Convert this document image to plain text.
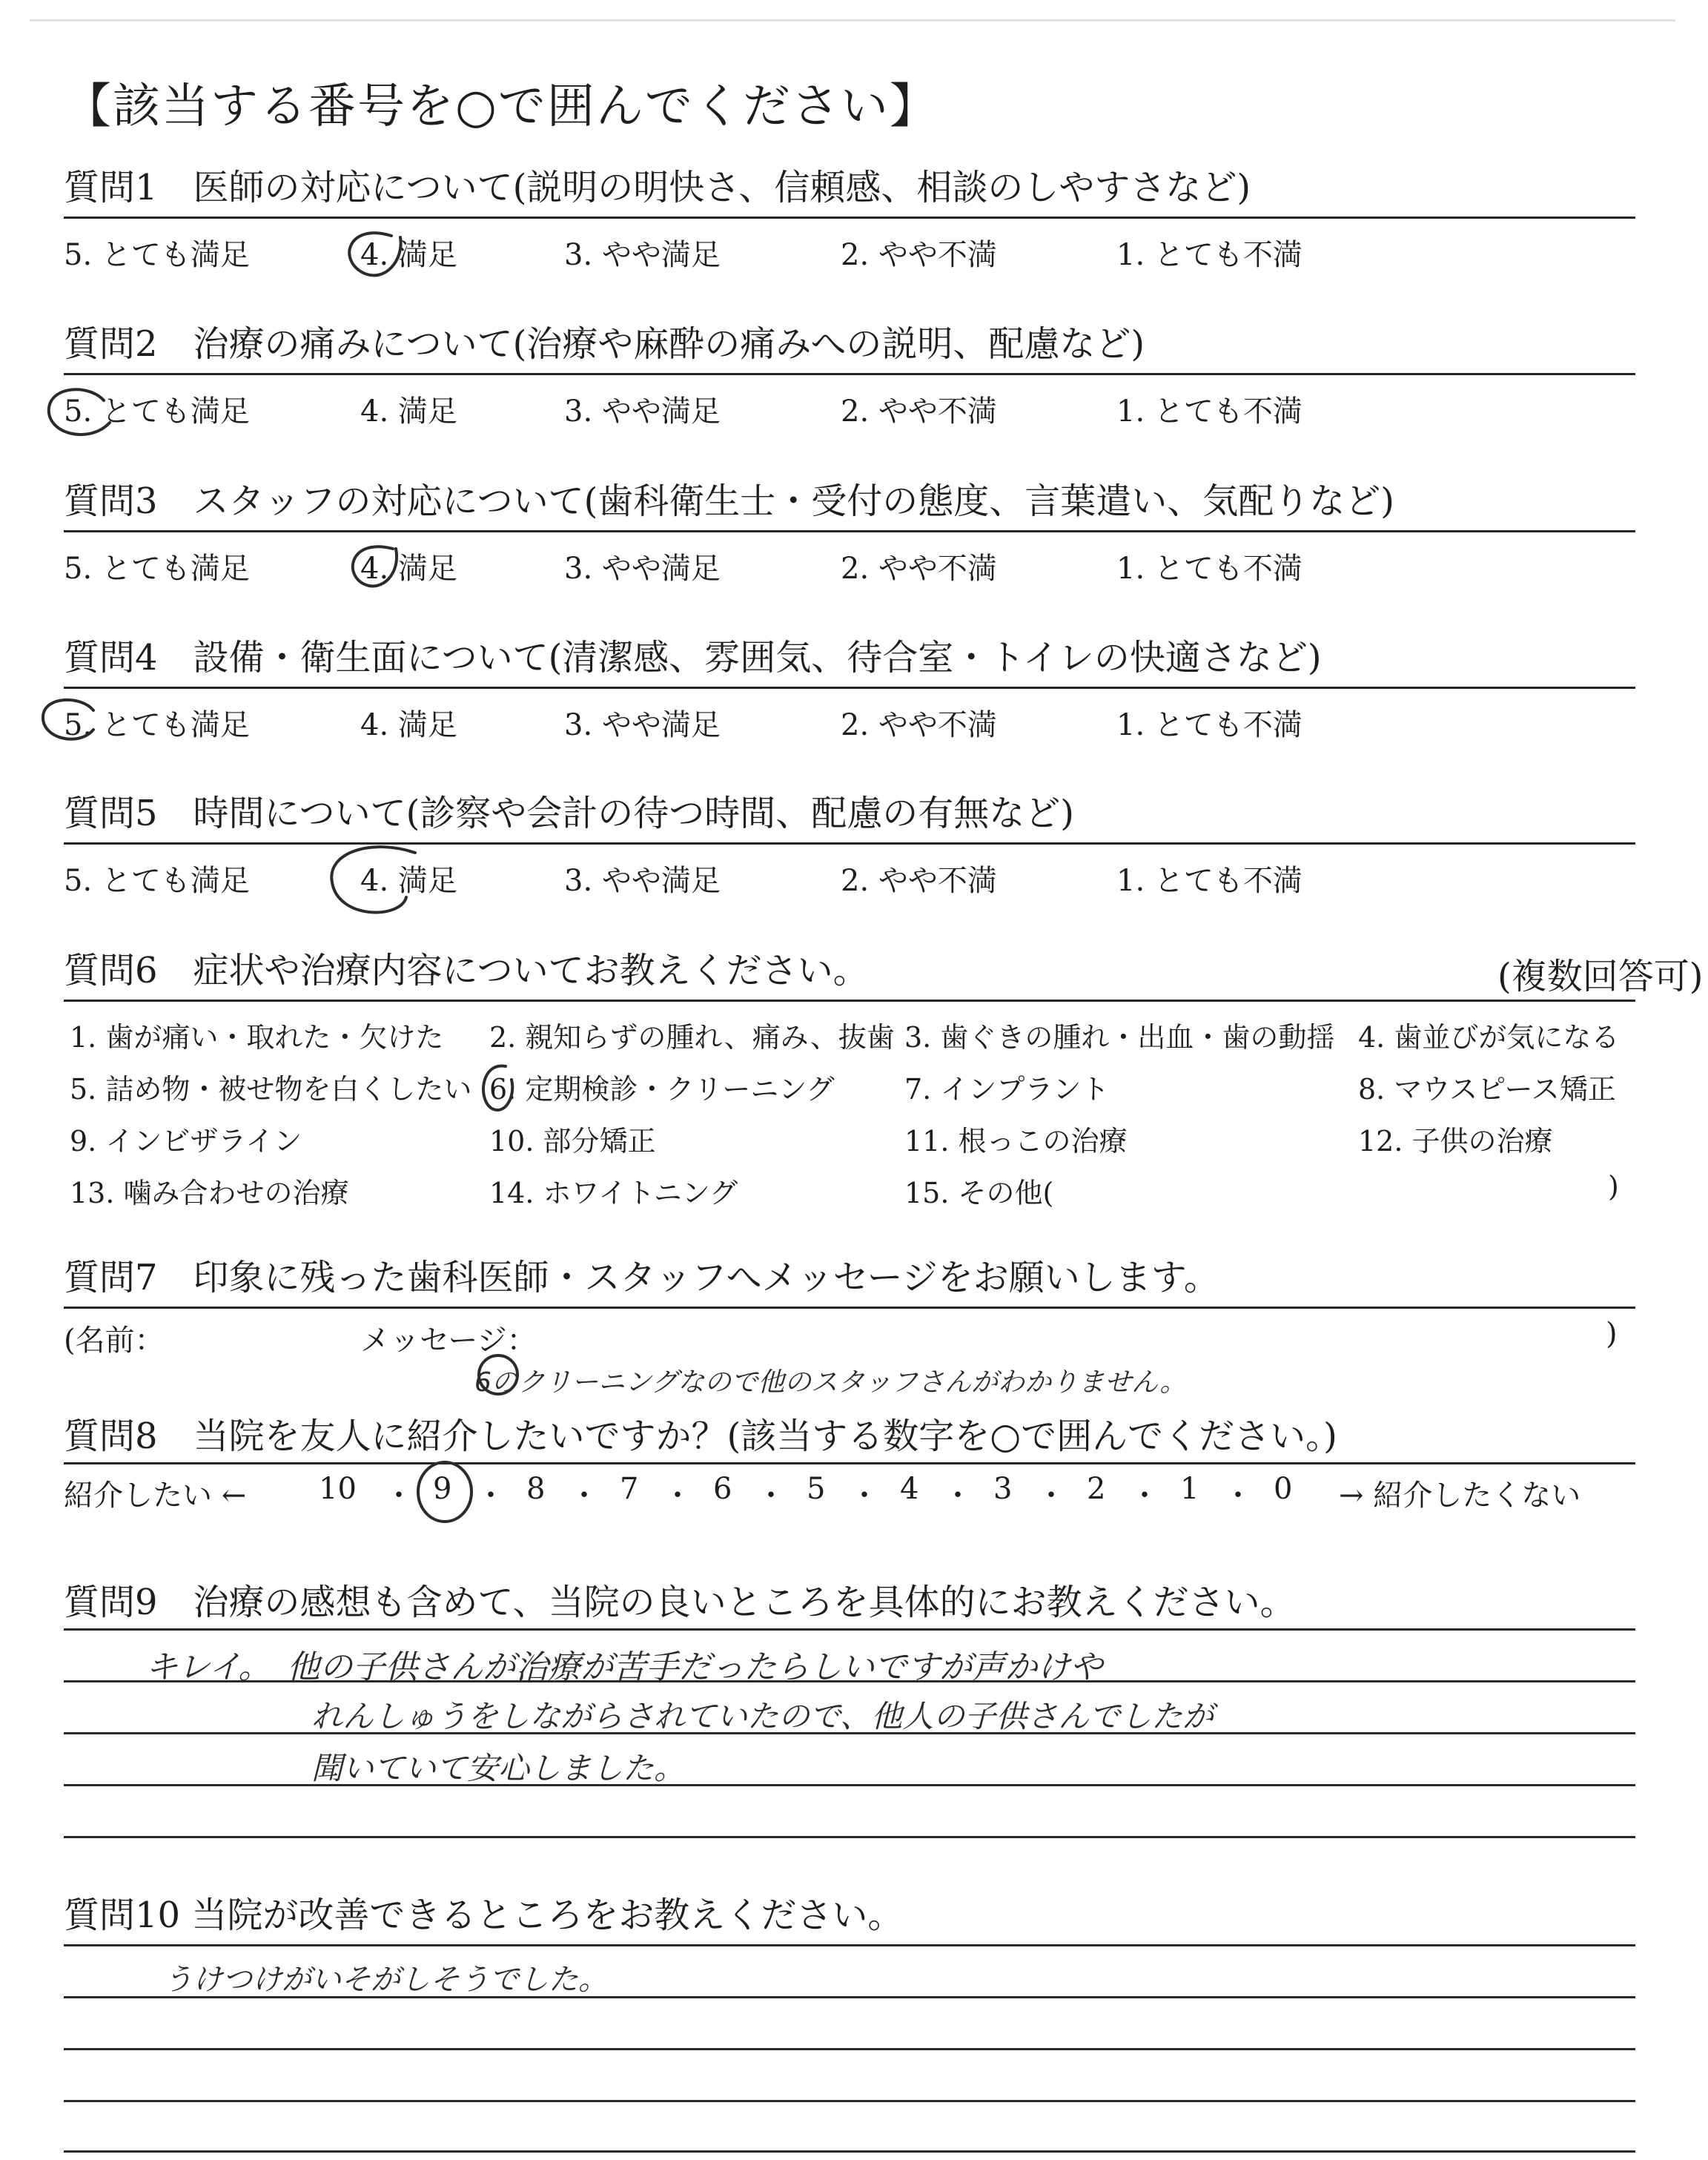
【該当する番号を○で囲んでください】
質問1　医師の対応について(説明の明快さ、信頼感、相談のしやすさなど)
5. とても満足	4. 満足	3. やや満足	2. やや不満	1. とても不満
質問2　治療の痛みについて(治療や麻酔の痛みへの説明、配慮など)
5. とても満足	4. 満足	3. やや満足	2. やや不満	1. とても不満
質問3　スタッフの対応について(歯科衛生士・受付の態度、言葉遣い、気配りなど)
5. とても満足	4. 満足	3. やや満足	2. やや不満	1. とても不満
質問4　設備・衛生面について(清潔感、雰囲気、待合室・トイレの快適さなど)
5. とても満足	4. 満足	3. やや満足	2. やや不満	1. とても不満
質問5　時間について(診察や会計の待つ時間、配慮の有無など)
5. とても満足	4. 満足	3. やや満足	2. やや不満	1. とても不満
質問6　症状や治療内容についてお教えください。	(複数回答可)
1. 歯が痛い・取れた・欠けた 2. 親知らずの腫れ、痛み、抜歯 3. 歯ぐきの腫れ・出血・歯の動揺 4. 歯並びが気になる
5. 詰め物・被せ物を白くしたい 6. 定期検診・クリーニング 7. インプラント	8. マウスピース矯正
9. インビザライン	10. 部分矯正	11. 根っこの治療	12. 子供の治療
13. 噛み合わせの治療	14. ホワイトニング	15. その他(	)
質問7　印象に残った歯科医師・スタッフへメッセージをお願いします。
(名前：	メッセージ：	)
6のクリーニングなので他のスタッフさんがわかりません。
質問8　当院を友人に紹介したいですか？(該当する数字を○で囲んでください。)
紹介したい ← 10 ・ 9 ・ 8 ・ 7 ・ 6 ・ 5 ・ 4 ・ 3 ・ 2 ・ 1 ・ 0 → 紹介したくない
質問9　治療の感想も含めて、当院の良いところを具体的にお教えください。
キレイ。　他の子供さんが治療が苦手だったらしいですが声かけや
れんしゅうをしながらされていたので、他人の子供さんでしたが
聞いていて安心しました。
質問10 当院が改善できるところをお教えください。
うけつけがいそがしそうでした。
